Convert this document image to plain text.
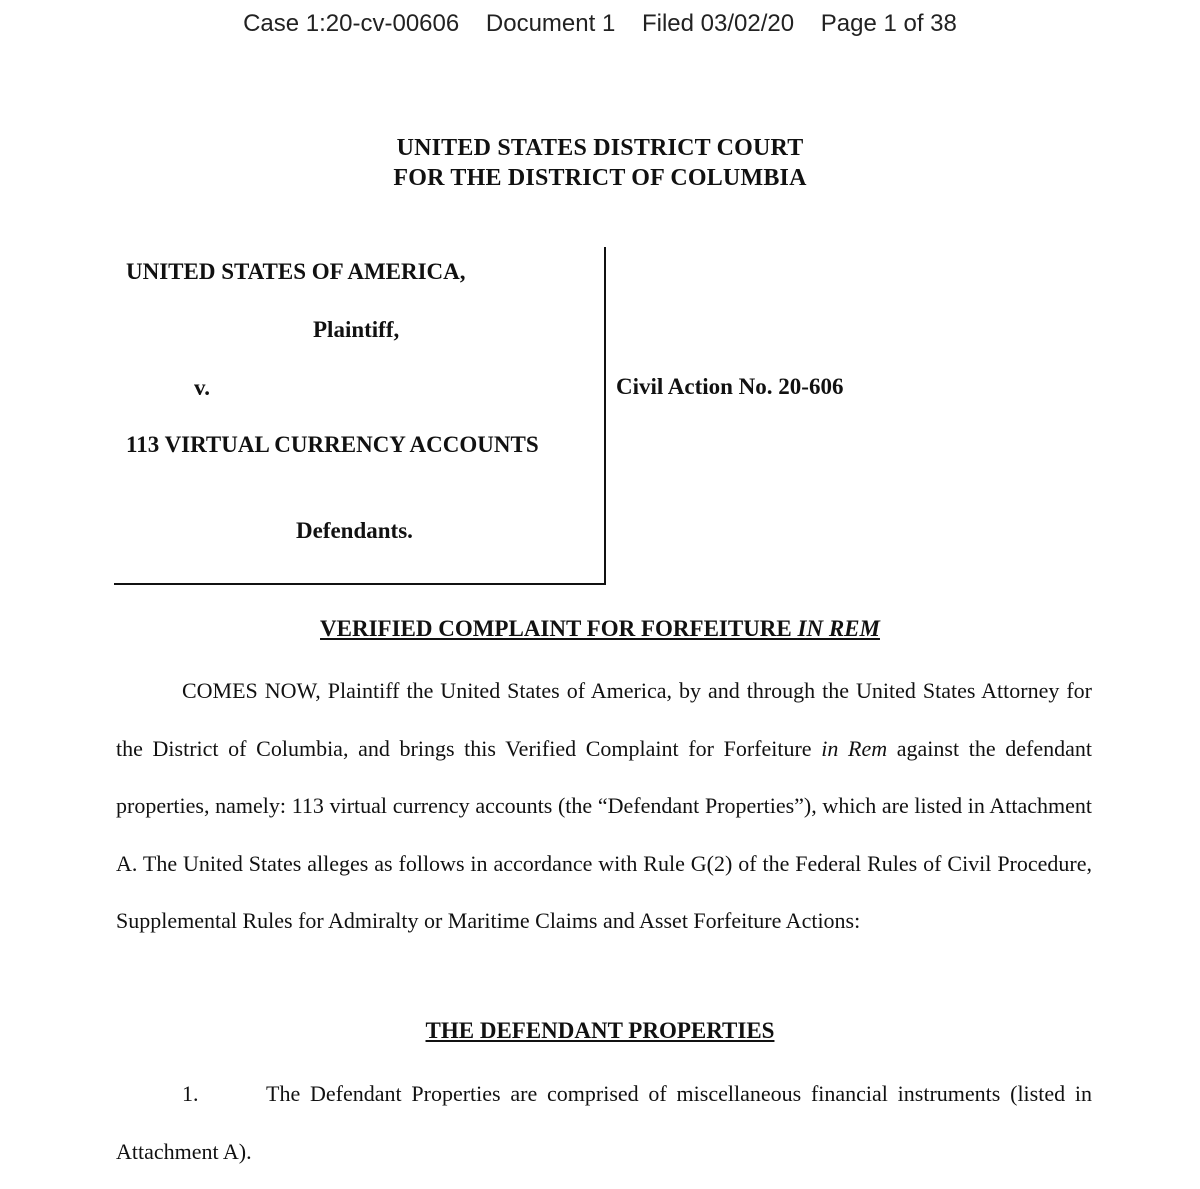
Case 1:20-cv-00606 Document 1 Filed 03/02/20 Page 1 of 38
UNITED STATES DISTRICT COURT
FOR THE DISTRICT OF COLUMBIA
UNITED STATES OF AMERICA,
Plaintiff,
v.
113 VIRTUAL CURRENCY ACCOUNTS
Defendants.
Civil Action No. 20-606
VERIFIED COMPLAINT FOR FORFEITURE IN REM

COMES NOW, Plaintiff the United States of America, by and through the United States Attorney for the District of Columbia, and brings this Verified Complaint for Forfeiture in Rem against the defendant properties, namely: 113 virtual currency accounts (the “Defendant Properties”), which are listed in Attachment A. The United States alleges as follows in accordance with Rule G(2) of the Federal Rules of Civil Procedure, Supplemental Rules for Admiralty or Maritime Claims and Asset Forfeiture Actions:

THE DEFENDANT PROPERTIES
1.	The Defendant Properties are comprised of miscellaneous financial instruments (listed in Attachment A).
